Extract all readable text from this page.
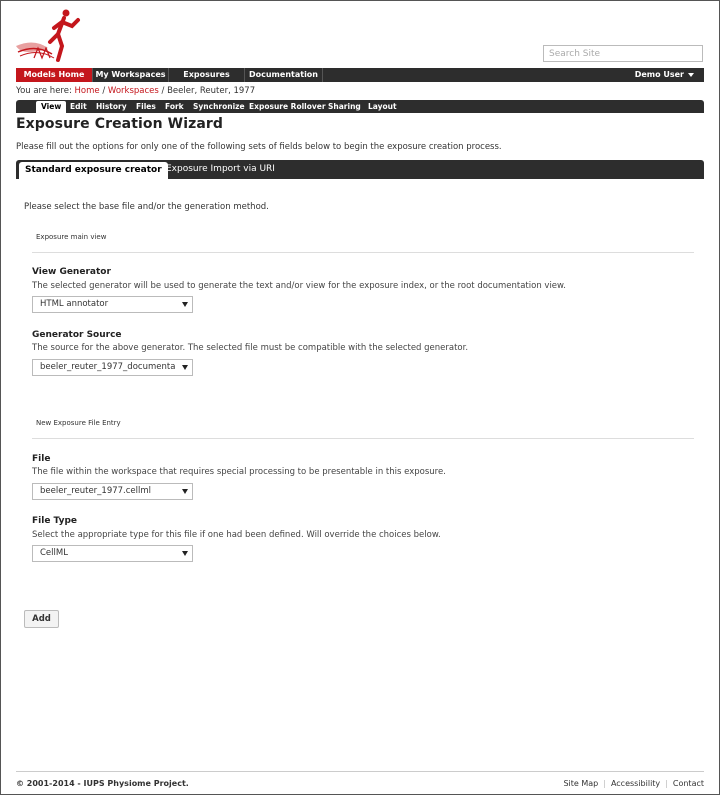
Search Site
Models Home	My Workspaces	Exposures	Documentation	Demo User
You are here: Home / Workspaces / Beeler, Reuter, 1977
View	Edit History Files Fork Synchronize Exposure Rollover Sharing Layout
Exposure Creation Wizard
Please fill out the options for only one of the following sets of fields below to begin the exposure creation process.
Standard exposure creator Exposure Import via URI
Please select the base file and/or the generation method.
Exposure main view
View Generator
The selected generator will be used to generate the text and/or view for the exposure index, or the root documentation view.
HTML annotator
Generator Source
The source for the above generator. The selected file must be compatible with the selected generator.
beeler_reuter_1977_documenta
New Exposure File Entry
File
The file within the workspace that requires special processing to be presentable in this exposure.
beeler_reuter_1977.cellml
File Type
Select the appropriate type for this file if one had been defined. Will override the choices below.
CellML
Add
© 2001-2014 - IUPS Physiome Project.	Site Map | Accessibility | Contact
